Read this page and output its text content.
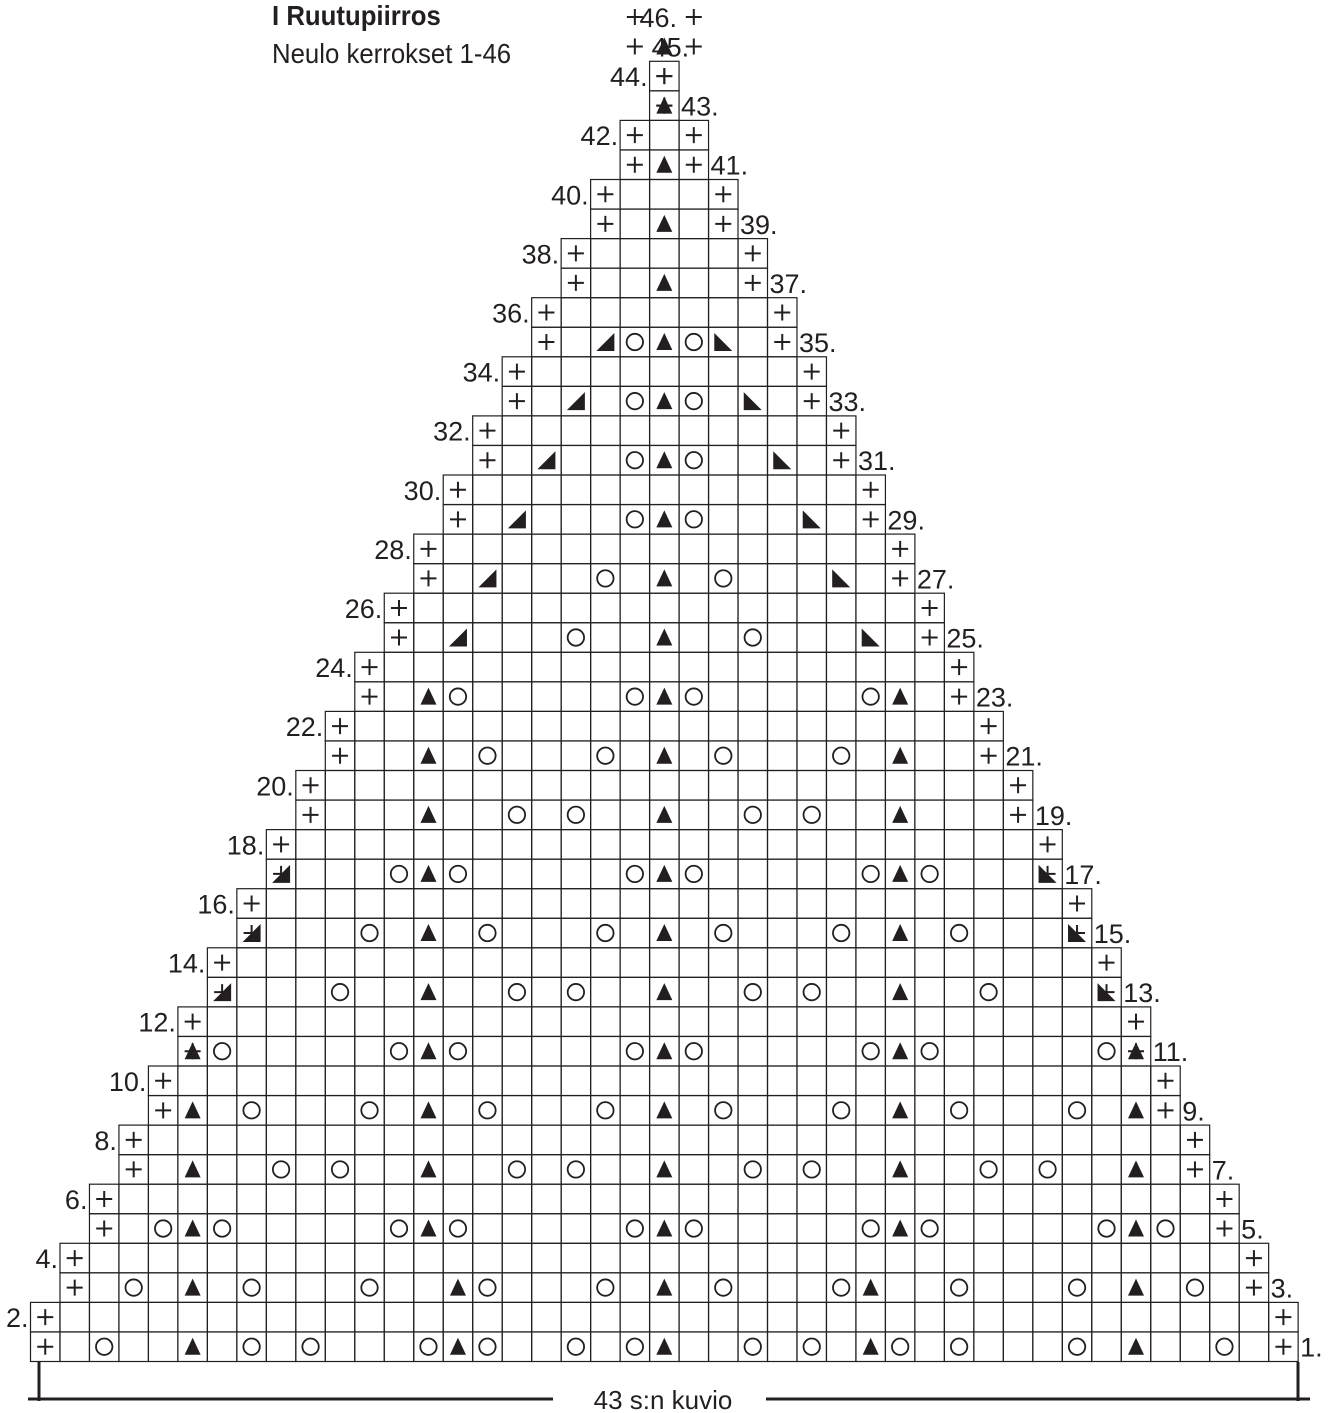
I Ruutupiirros
Neulo kerrokset 1-46
1.
2.
3.
4.
5.
6.
7.
8.
9.
10.
11.
12.
13.
14.
15.
16.
17.
18.
19.
20.
21.
22.
23.
24.
25.
26.
27.
28.
29.
30.
31.
32.
33.
34.
35.
36.
37.
38.
39.
40.
41.
42.
43.
44.
45.
46.
43 s:n kuvio
